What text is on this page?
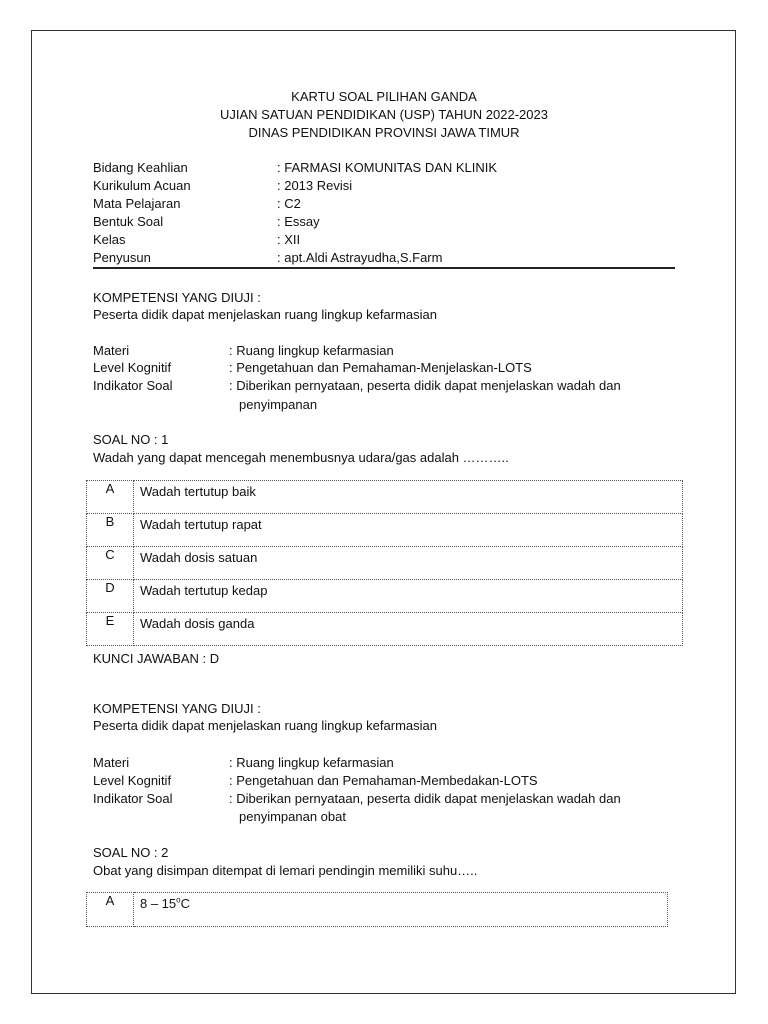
KARTU SOAL PILIHAN GANDA
UJIAN SATUAN PENDIDIKAN (USP) TAHUN 2022-2023
DINAS PENDIDIKAN PROVINSI JAWA TIMUR
Bidang Keahlian	: FARMASI KOMUNITAS DAN KLINIK
Kurikulum Acuan	: 2013 Revisi
Mata Pelajaran	: C2
Bentuk Soal	: Essay
Kelas	: XII
Penyusun	: apt.Aldi Astrayudha,S.Farm
KOMPETENSI YANG DIUJI :
Peserta didik dapat menjelaskan ruang lingkup kefarmasian
Materi	: Ruang lingkup kefarmasian
Level Kognitif	: Pengetahuan dan Pemahaman-Menjelaskan-LOTS
Indikator Soal	: Diberikan pernyataan, peserta didik dapat menjelaskan wadah dan
penyimpanan
SOAL NO : 1
Wadah yang dapat mencegah menembusnya udara/gas adalah ………..
A	Wadah tertutup baik
B	Wadah tertutup rapat
C	Wadah dosis satuan
D	Wadah tertutup kedap
E	Wadah dosis ganda
KUNCI JAWABAN : D
KOMPETENSI YANG DIUJI :
Peserta didik dapat menjelaskan ruang lingkup kefarmasian
Materi	: Ruang lingkup kefarmasian
Level Kognitif	: Pengetahuan dan Pemahaman-Membedakan-LOTS
Indikator Soal	: Diberikan pernyataan, peserta didik dapat menjelaskan wadah dan
penyimpanan obat
SOAL NO : 2
Obat yang disimpan ditempat di lemari pendingin memiliki suhu…..
A	8 – 15$^o$C
